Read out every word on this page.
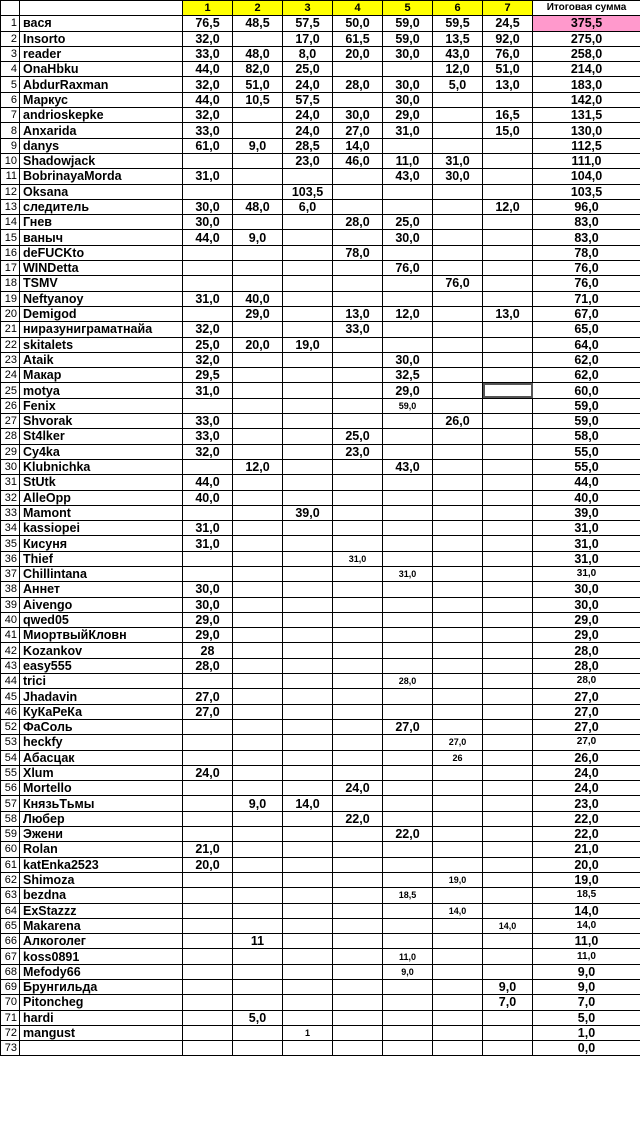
		1	2	3	4	5	6	7	Итоговая сумма
1	вася	76,5	48,5	57,5	50,0	59,0	59,5	24,5	375,5
2	Insorto	32,0		17,0	61,5	59,0	13,5	92,0	275,0
3	reader	33,0	48,0	8,0	20,0	30,0	43,0	76,0	258,0
4	OnaHbku	44,0	82,0	25,0			12,0	51,0	214,0
5	AbdurRaxman	32,0	51,0	24,0	28,0	30,0	5,0	13,0	183,0
6	Маркус	44,0	10,5	57,5		30,0			142,0
7	andrioskepke	32,0		24,0	30,0	29,0		16,5	131,5
8	Anxarida	33,0		24,0	27,0	31,0		15,0	130,0
9	danys	61,0	9,0	28,5	14,0				112,5
10	Shadowjack			23,0	46,0	11,0	31,0		111,0
11	BobrinayaMorda	31,0				43,0	30,0		104,0
12	Oksana			103,5					103,5
13	следитель	30,0	48,0	6,0				12,0	96,0
14	Гнев	30,0			28,0	25,0			83,0
15	ваныч	44,0	9,0			30,0			83,0
16	deFUCKto				78,0				78,0
17	WINDetta					76,0			76,0
18	TSMV						76,0		76,0
19	Neftyanoy	31,0	40,0						71,0
20	Demigod		29,0		13,0	12,0		13,0	67,0
21	ниразуниграматнайа	32,0			33,0				65,0
22	skitalets	25,0	20,0	19,0					64,0
23	Ataik	32,0				30,0			62,0
24	Макар	29,5				32,5			62,0
25	motya	31,0				29,0			60,0
26	Fenix					59,0			59,0
27	Shvorak	33,0					26,0		59,0
28	St4lker	33,0			25,0				58,0
29	Cy4ka	32,0			23,0				55,0
30	Klubnichka		12,0			43,0			55,0
31	StUtk	44,0							44,0
32	AlleOpp	40,0							40,0
33	Mamont			39,0					39,0
34	kassiopei	31,0							31,0
35	Кисуня	31,0							31,0
36	Thief				31,0				31,0
37	Chillintana					31,0			31,0
38	Аннет	30,0							30,0
39	Aivengo	30,0							30,0
40	qwed05	29,0							29,0
41	МиортвыйКловн	29,0							29,0
42	Kozankov	28							28,0
43	easy555	28,0							28,0
44	trici					28,0			28,0
45	Jhadavin	27,0							27,0
46	КуКаРеКа	27,0							27,0
52	ФаСоль					27,0			27,0
53	heckfy						27,0		27,0
54	Абасцак						26		26,0
55	Xlum	24,0							24,0
56	Mortello				24,0				24,0
57	КнязьТьмы		9,0	14,0					23,0
58	Любер				22,0				22,0
59	Эжени					22,0			22,0
60	Rolan	21,0							21,0
61	katEnka2523	20,0							20,0
62	Shimoza						19,0		19,0
63	bezdna					18,5			18,5
64	ExStazzz						14,0		14,0
65	Makarena							14,0	14,0
66	Алкоголег		11						11,0
67	koss0891					11,0			11,0
68	Mefody66					9,0			9,0
69	Брунгильда							9,0	9,0
70	Pitoncheg							7,0	7,0
71	hardi		5,0						5,0
72	mangust			1					1,0
73									0,0
